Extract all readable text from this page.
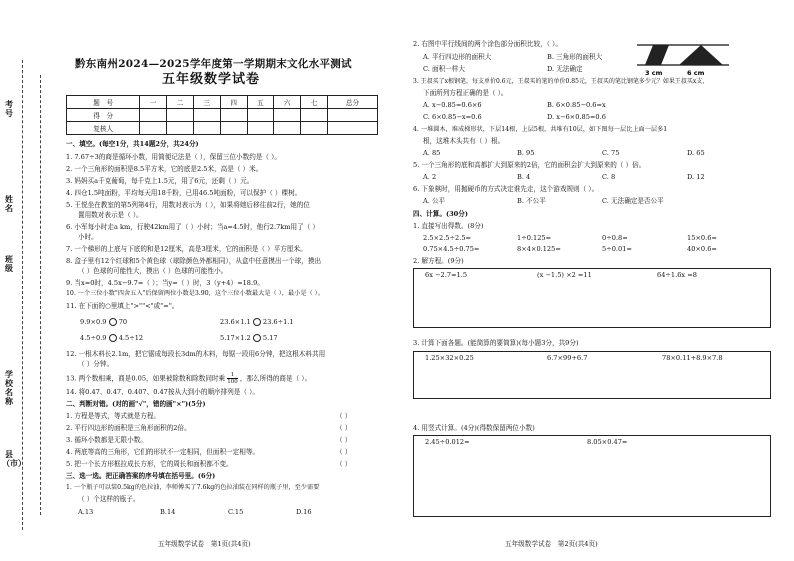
考号
姓名
班级
学校名称
县（市）
黔东南州2024—2025学年度第一学期期末文化水平测试
五年级数学试卷
题　号	一	二	三	四	五	六	七	总分
得　分								
复核人								
一、填空。(每空1分，共14题2分，共24分)
1. 7.67÷3的商是循环小数，用简便记法是（ ），保留三位小数约是（ ）。
2. 一个三角形的面积是8.5平方米，它的底是2.5米，高是（ ）米。
3. 妈妈买a千克葡萄，每千克上1.5元，用了6元，还剩（ ）元。
4. 四仓1.5吨面粉，平均每天用18千粉，已用46.5吨面粉，可以保护（ ）棵树。
5. 王悦坐在教室的第5列第4行，用数对表示为（ ），如果将她后移往前2行，她的位
置用数对表示是（ ）。
6. 小军每小时走a km，行驶42km用了（ ）小时；当a=4.5时，他行2.7km用了（ ）
小时。
7. 一个梯形的上底与下底的和是12厘米，高是3厘米，它的面积是（ ）平方厘米。
8. 盒子里有12个红球和5个黄色球（球除颜色外都相同），从盒中任意摸出一个球，摸出
（ ）色球的可能性大，摸出（ ）色球的可能性小。
9. 当x=0时，4.5x−9.7=（ ）；当y=（ ）时，3（y+4）=18.9。
10. 一个三位小数"四舍五入"后保留两位小数是3.90，这个三位小数最大是（ ），最小是（ ）。
11. 在下面的○里填上">""<"或"="。
9.9×0.9 70	23.6×1.1 23.6÷1.1
4.5÷0.9 4.5÷12	5.17×1.2 5.17
12. 一根木料长2.1m，把它锯成每段长3dm的木料，每锯一段用6分钟，把这根木料共用
（ ）分钟。
13. 两个数相乘，商是0.05，如果被除数和除数同时乘 $\frac{1}{100}$ ，那么所得的商是（ ）。
14. 将0.47、0.47̇、0.407、0.4̇7̇按从大到小的顺序排列是（ ）。
二、判断对错。(对的画"√"，错的画"×")(5分)
1. 方程是等式，等式就是方程。
2. 平行四边形的面积是三角形面积的2倍。
3. 循环小数都是无限小数。
4. 两底等高的三角形，它们的形状不一定相同，但面积一定相等。
5. 把一个长方形框拉成长方形，它的周长和面积都不变。
（ ）
（ ）
（ ）
（ ）
（ ）
三、选一选。把正确答案的序号填在括号里。(6分)
1. 一个瓶子可以装0.5kg的色拉油，李师傅买了7.6kg的色拉油装在同样的瓶子里，至少需要
（ ）个这样的瓶子。
A.13	B.14	C.15	D.16
五年级数学试卷　第1页(共4页)
2. 右图中平行线间的两个涂色部分面积比较，（ ）。
A. 平行四边形的面积大	B. 三角形的面积大
C. 面积一样大	D. 无法确定	3 cm	6 cm
3. 王叔买了x根钢笔，每支单价0.6元，王叔买的笔的单价0.85元，王叔买的笔比钢笔多少元？如果王叔买x支，
下面所列方程正确的是（ ）。
A. x−0.85=0.6×6	B. 6×0.85−0.6=x
C. 6×0.85−x=0.6	D. x−6×0.85=0.6
4. 一堆圆木，堆成梯形状，下层14根，上层5根，共堆有10层，如下图每一层比上面一层多1
根，这堆木头共有（ ）根。
A. 85	B. 95	C. 75	D. 65
5. 一个三角形的底和高都扩大到原来的2倍，它的面积会扩大到原来的（ ）倍。
A. 2	B. 4	C. 8	D. 12
6. 下象棋时，用抛硬币的方式决定谁先走，这个游戏规则（ ）。
A. 公平	B. 不公平	C. 无法确定是否公平
四、计算。(30分)
1. 直接写出得数。(8分)
2.5×2.5÷2.5=	1÷0.125=	0÷0.8=	15×0.6=
0.75×4.5÷0.75=	8×4×0.125=	5÷0.01=	40×0.6=
2. 解方程。(9分)
6x −2.7=1.5	(x −1.5) ×2 =11	64÷1.6x =8
3. 计算下面各题。(能简算的要简算)(每小题3分，共9分)
1.25×32×0.25	6.7×99+6.7	78×0.11+8.9×7.8
4. 用竖式计算。(4分)(得数保留两位小数)
2.45÷0.012≈	8.05×0.47≈
五年级数学试卷　第2页(共4页)
